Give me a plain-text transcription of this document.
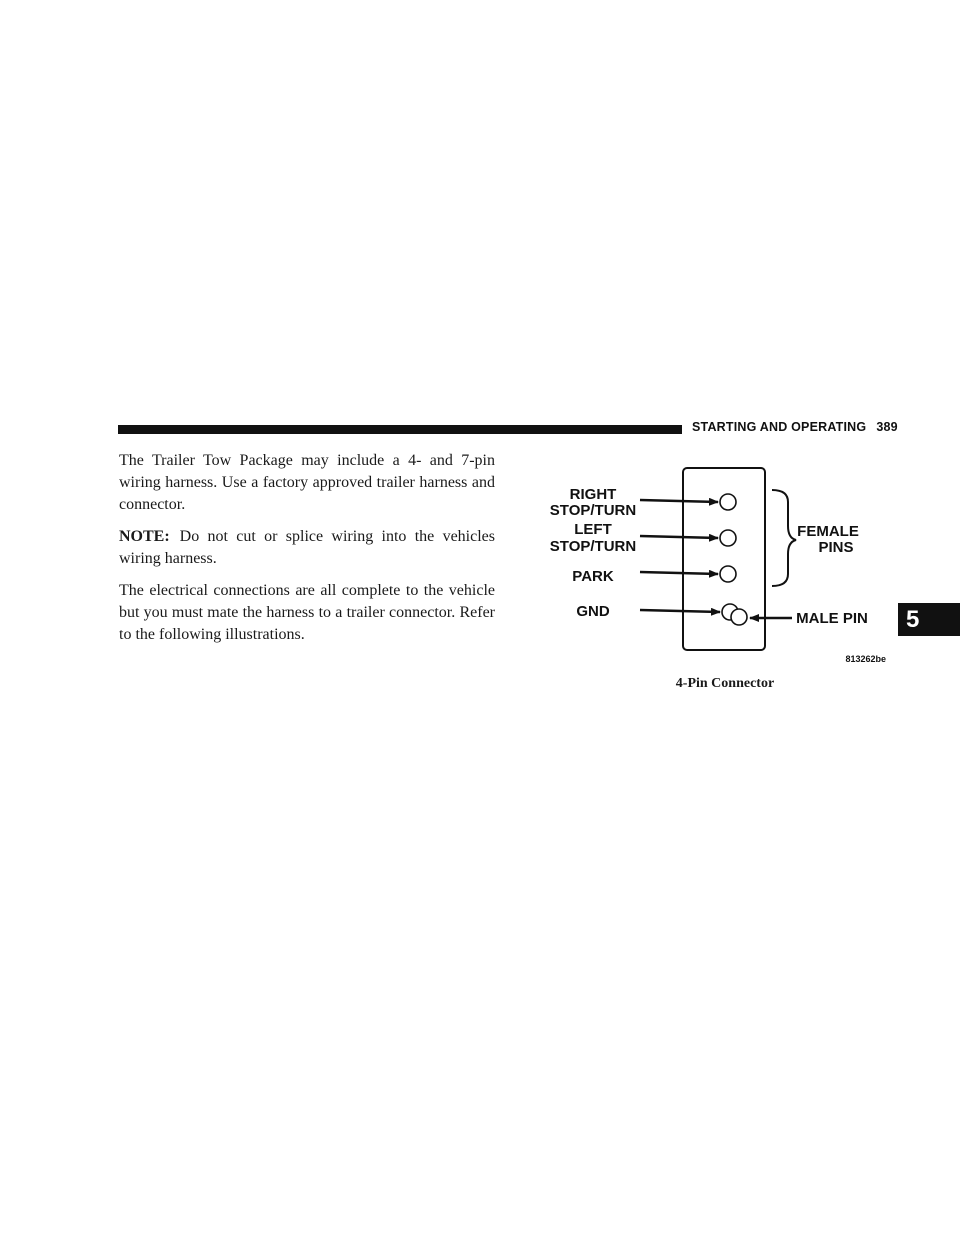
STARTING AND OPERATING 389
5

The Trailer Tow Package may include a 4- and 7-pin wiring harness. Use a factory approved trailer harness and connector.

NOTE: Do not cut or splice wiring into the vehicles wiring harness.

The electrical connections are all complete to the vehicle but you must mate the harness to a trailer connector. Refer to the following illustrations.

RIGHT
STOP/TURN
LEFT
STOP/TURN
PARK
GND
FEMALE
PINS
MALE PIN
813262be
4-Pin Connector
